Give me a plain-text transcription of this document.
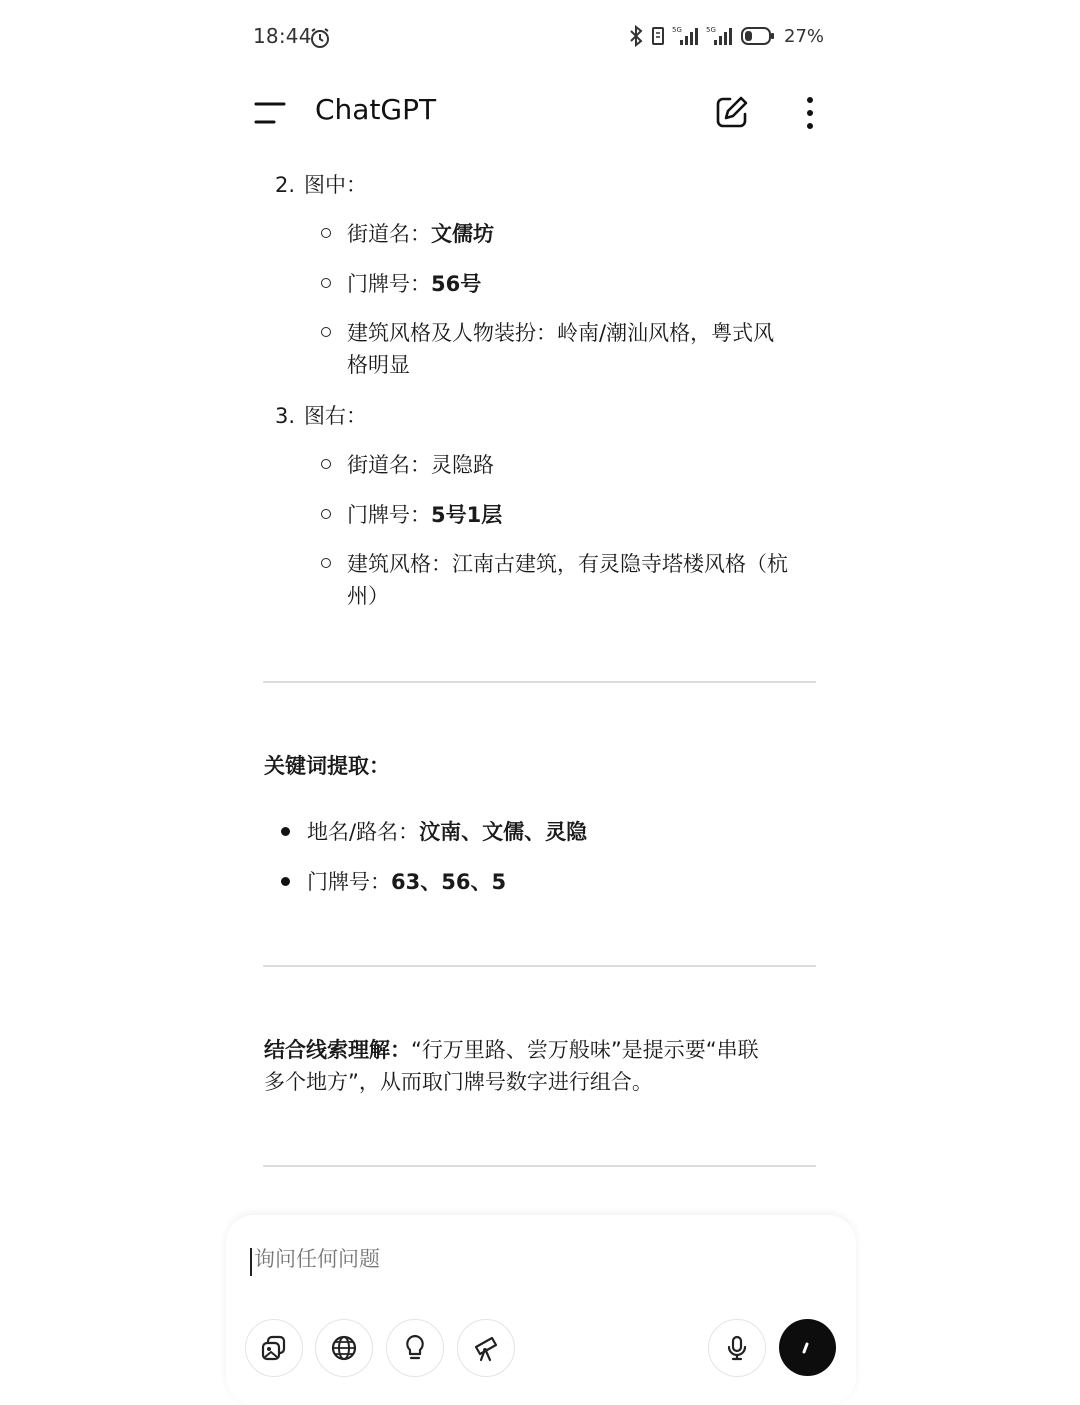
18:44	5G	5G	27%
ChatGPT
2. 图中：
街道名：文儒坊
门牌号：56号
建筑风格及人物装扮：岭南/潮汕风格，粤式风
格明显
3. 图右：
街道名：灵隐路
门牌号：5号1层
建筑风格：江南古建筑，有灵隐寺塔楼风格（杭
州）
关键词提取：
地名/路名：汶南、文儒、灵隐
门牌号：63、56、5
结合线索理解：“行万里路、尝万般味”是提示要“串联
多个地方”，从而取门牌号数字进行组合。
询问任何问题
